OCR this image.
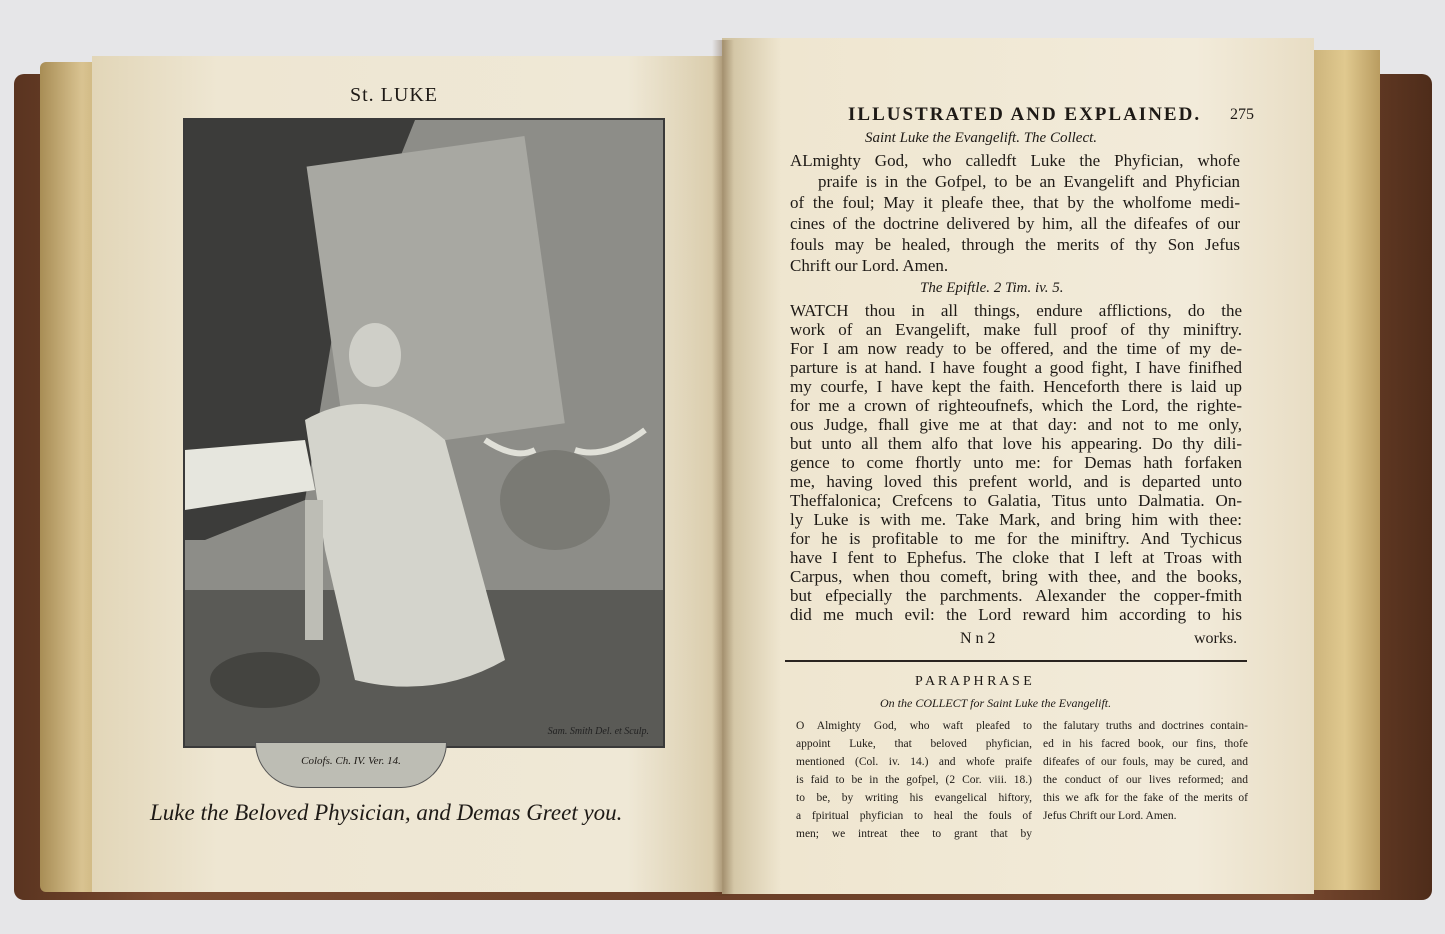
St. LUKE
Sam. Smith Del. et Sculp.
Colofs. Ch. IV. Ver. 14.
Luke the Beloved Physician, and Demas Greet you.
ILLUSTRATED AND EXPLAINED. 275
Saint Luke the Evangelift. The Collect.
ALmighty God, who calledft Luke the Phyfician, whofe
praife is in the Gofpel, to be an Evangelift and Phyfician
of the foul; May it pleafe thee, that by the wholfome medi-
cines of the doctrine delivered by him, all the difeafes of our
fouls may be healed, through the merits of thy Son Jefus
Chrift our Lord. Amen.
The Epiftle. 2 Tim. iv. 5.
WATCH thou in all things, endure afflictions, do the
work of an Evangelift, make full proof of thy miniftry.
For I am now ready to be offered, and the time of my de-
parture is at hand. I have fought a good fight, I have finifhed
my courfe, I have kept the faith. Henceforth there is laid up
for me a crown of righteoufnefs, which the Lord, the righte-
ous Judge, fhall give me at that day: and not to me only,
but unto all them alfo that love his appearing. Do thy dili-
gence to come fhortly unto me: for Demas hath forfaken
me, having loved this prefent world, and is departed unto
Theffalonica; Crefcens to Galatia, Titus unto Dalmatia. On-
ly Luke is with me. Take Mark, and bring him with thee:
for he is profitable to me for the miniftry. And Tychicus
have I fent to Ephefus. The cloke that I left at Troas with
Carpus, when thou comeft, bring with thee, and the books,
but efpecially the parchments. Alexander the copper-fmith
did me much evil: the Lord reward him according to his
N n 2	works.
P A R A P H R A S E
On the COLLECT for Saint Luke the Evangelift.
O Almighty God, who waft pleafed to
appoint Luke, that beloved phyfician,
mentioned (Col. iv. 14.) and whofe praife
is faid to be in the gofpel, (2 Cor. viii. 18.)
to be, by writing his evangelical hiftory,
a fpiritual phyfician to heal the fouls of
men; we intreat thee to grant that by
the falutary truths and doctrines contain-
ed in his facred book, our fins, thofe
difeafes of our fouls, may be cured, and
the conduct of our lives reformed; and
this we afk for the fake of the merits of
Jefus Chrift our Lord. Amen.
